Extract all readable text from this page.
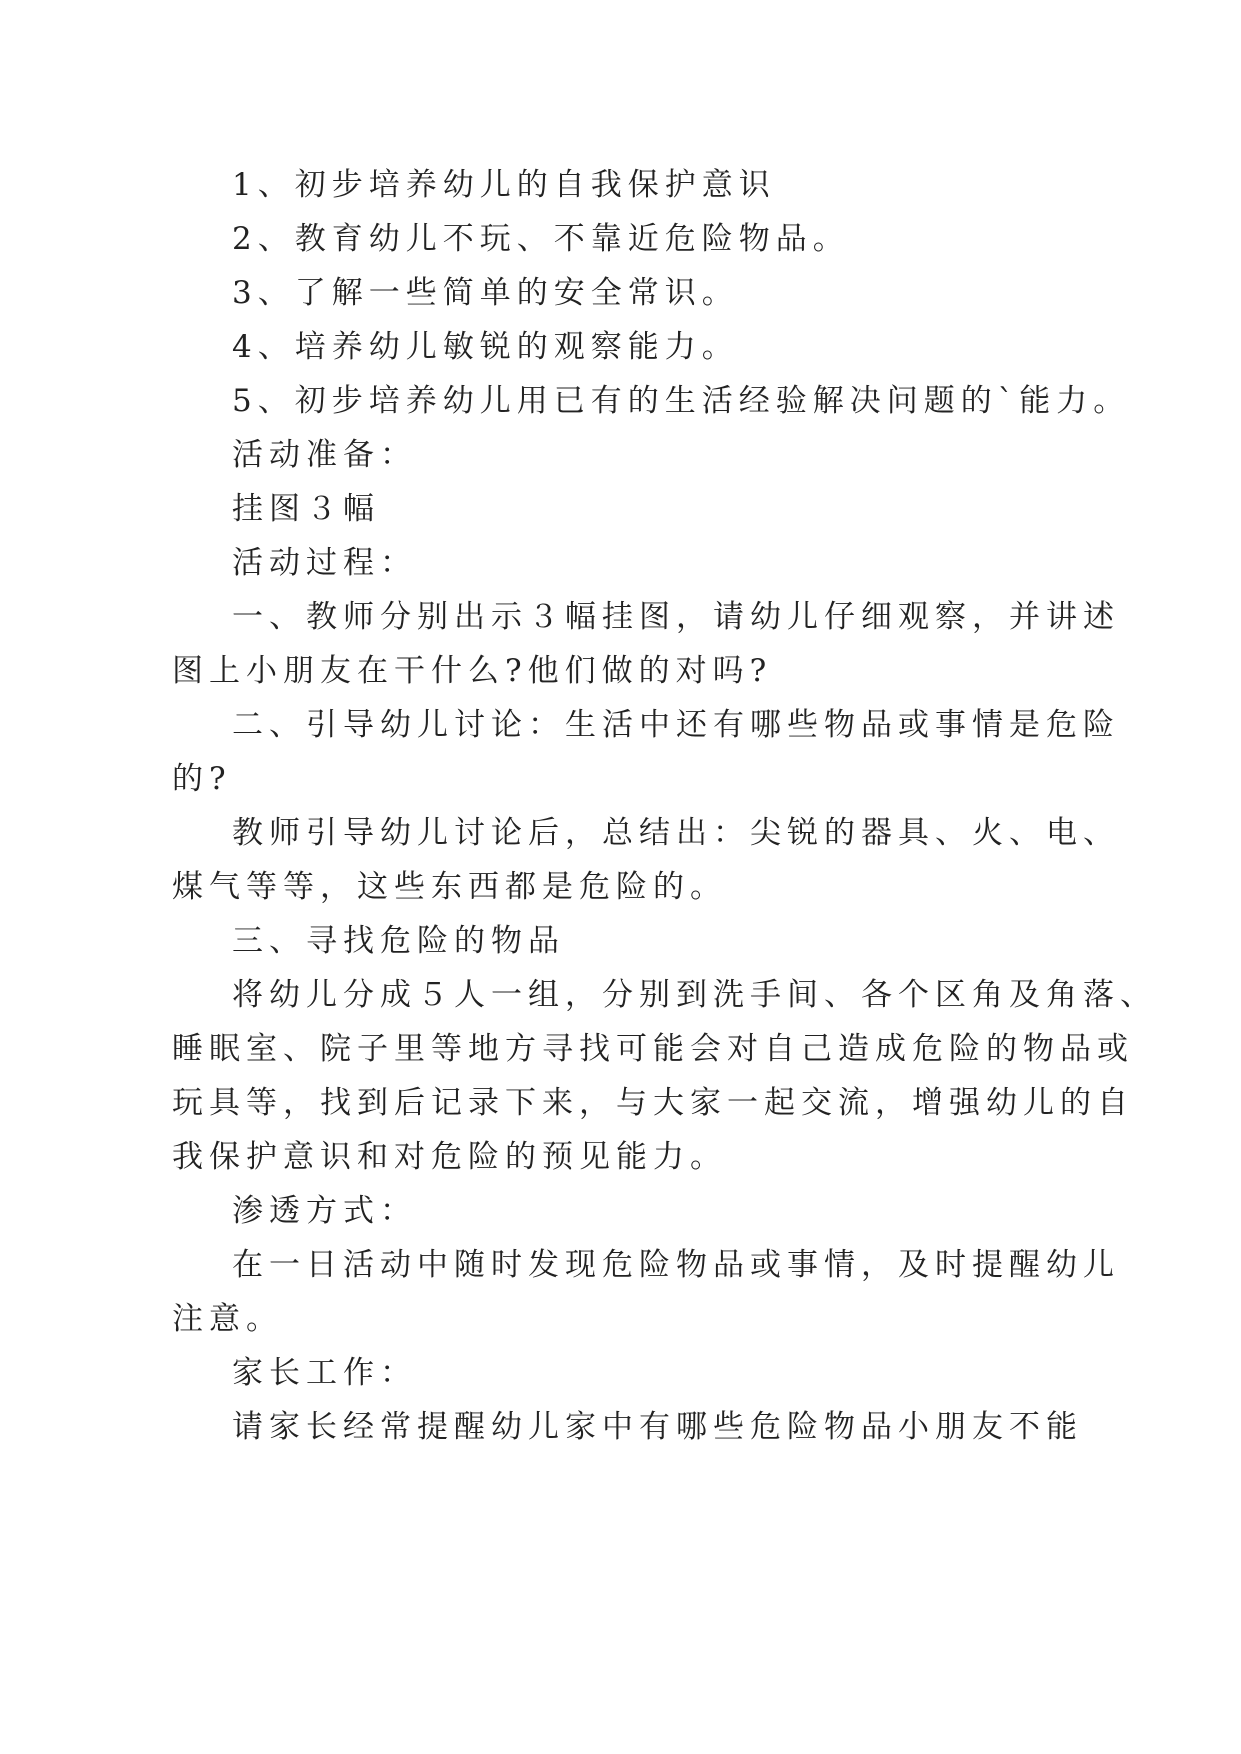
1、初步培养幼儿的自我保护意识
2、教育幼儿不玩、不靠近危险物品。
3、了解一些简单的安全常识。
4、培养幼儿敏锐的观察能力。
5、初步培养幼儿用已有的生活经验解决问题的`能力。
活动准备：
挂图３幅
活动过程：
一、教师分别出示３幅挂图，请幼儿仔细观察，并讲述
图上小朋友在干什么?他们做的对吗?
二、引导幼儿讨论：生活中还有哪些物品或事情是危险
的?
教师引导幼儿讨论后，总结出：尖锐的器具、火、电、
煤气等等，这些东西都是危险的。
三、寻找危险的物品
将幼儿分成５人一组，分别到洗手间、各个区角及角落、
睡眠室、院子里等地方寻找可能会对自己造成危险的物品或
玩具等，找到后记录下来，与大家一起交流，增强幼儿的自
我保护意识和对危险的预见能力。
渗透方式：
在一日活动中随时发现危险物品或事情，及时提醒幼儿
注意。
家长工作：
请家长经常提醒幼儿家中有哪些危险物品小朋友不能
